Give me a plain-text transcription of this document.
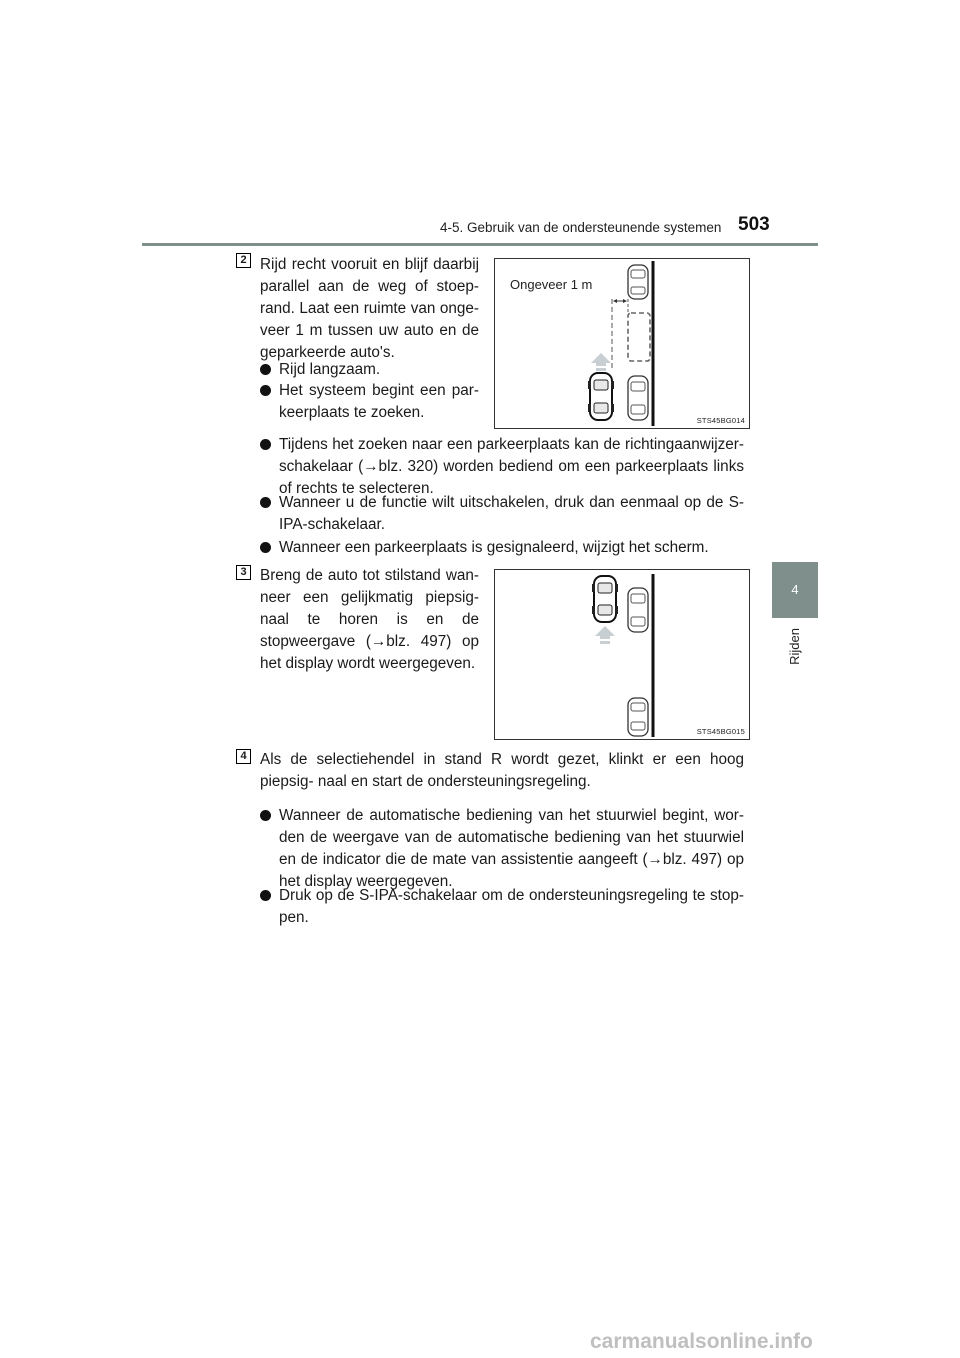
4-5. Gebruik van de ondersteunende systemen 503
4
Rijden
2 Rijd recht vooruit en blijf daarbij
parallel aan de weg of stoep-
rand. Laat een ruimte van onge-
veer 1 m tussen uw auto en de
geparkeerde auto's.
Rijd langzaam.
Het systeem begint een par- keerplaats te zoeken.
Ongeveer 1 m
STS45BG014
Tijdens het zoeken naar een parkeerplaats kan de richtingaanwijzer- schakelaar (→blz. 320) worden bediend om een parkeerplaats links of rechts te selecteren.
Wanneer u de functie wilt uitschakelen, druk dan eenmaal op de S- IPA-schakelaar.
Wanneer een parkeerplaats is gesignaleerd, wijzigt het scherm.
3 Breng de auto tot stilstand wan- neer een gelijkmatig piepsig- naal te horen is en de stopweergave (→blz. 497) op het display wordt weergegeven.
STS45BG015
4 Als de selectiehendel in stand R wordt gezet, klinkt er een hoog piepsig- naal en start de ondersteuningsregeling.
Wanneer de automatische bediening van het stuurwiel begint, wor- den de weergave van de automatische bediening van het stuurwiel en de indicator die de mate van assistentie aangeeft (→blz. 497) op het display weergegeven.
Druk op de S-IPA-schakelaar om de ondersteuningsregeling te stop- pen.
carmanualsonline.info
